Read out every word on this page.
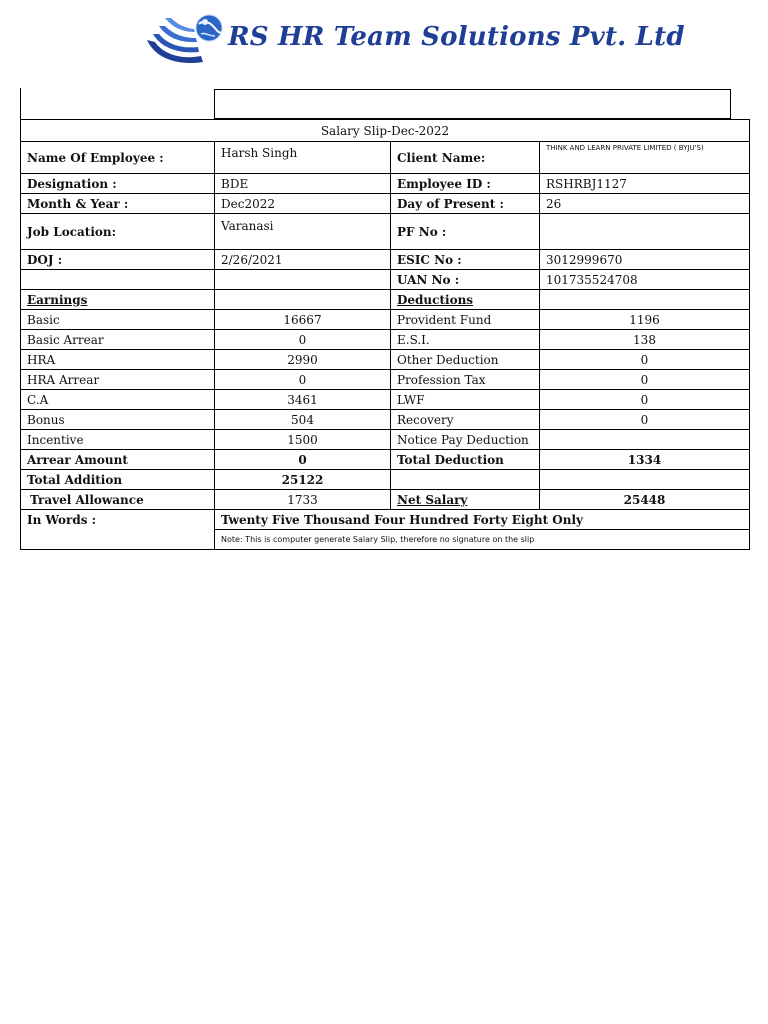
RS HR Team Solutions Pvt. Ltd
Salary Slip-Dec-2022			
Name Of Employee :	Harsh Singh	Client Name:	THINK AND LEARN PRIVATE LIMITED ( BYJU'S)
Designation :	BDE	Employee ID :	RSHRBJ1127
Month & Year :	Dec2022	Day of Present :	26
Job Location:	Varanasi	PF No :	
DOJ :	2/26/2021	ESIC No :	3012999670
		UAN No :	101735524708
Earnings		Deductions	
Basic	16667	Provident Fund	1196
Basic Arrear	0	E.S.I.	138
HRA	2990	Other Deduction	0
HRA Arrear	0	Profession Tax	0
C.A	3461	LWF	0
Bonus	504	Recovery	0
Incentive	1500	Notice Pay Deduction	
Arrear Amount	0	Total Deduction	1334
Total Addition	25122		
Travel Allowance	1733	Net Salary	25448
In Words :	Twenty Five Thousand Four Hundred Forty Eight Only		
	Note: This is computer generate Salary Slip, therefore no signature on the slip		
